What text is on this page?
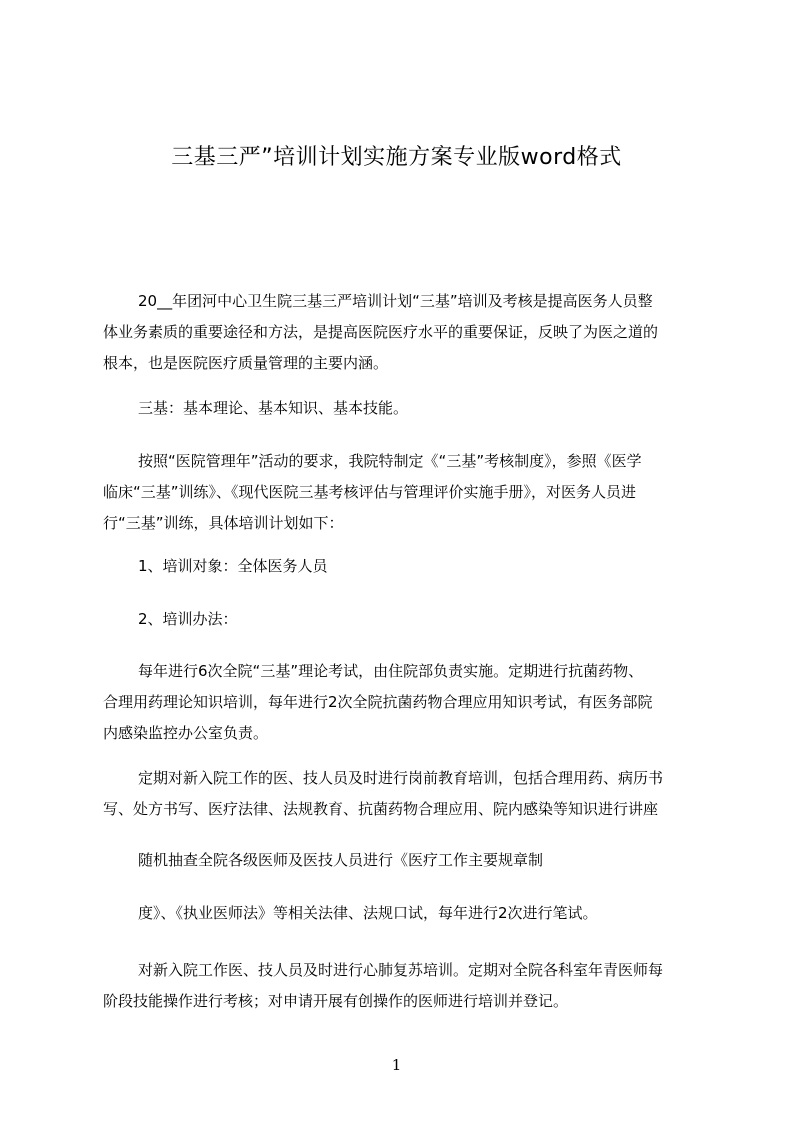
三基三严”培训计划实施方案专业版word格式
20__年团河中心卫生院三基三严培训计划“三基”培训及考核是提高医务人员整
体业务素质的重要途径和方法，是提高医院医疗水平的重要保证，反映了为医之道的
根本，也是医院医疗质量管理的主要内涵。
三基：基本理论、基本知识、基本技能。
按照“医院管理年”活动的要求，我院特制定《“三基”考核制度》，参照《医学
临床“三基”训练》、《现代医院三基考核评估与管理评价实施手册》，对医务人员进
行“三基”训练，具体培训计划如下：
1、培训对象：全体医务人员
2、培训办法：
每年进行6次全院“三基”理论考试，由住院部负责实施。定期进行抗菌药物、
合理用药理论知识培训，每年进行2次全院抗菌药物合理应用知识考试，有医务部院
内感染监控办公室负责。
定期对新入院工作的医、技人员及时进行岗前教育培训，包括合理用药、病历书
写、处方书写、医疗法律、法规教育、抗菌药物合理应用、院内感染等知识进行讲座
随机抽查全院各级医师及医技人员进行《医疗工作主要规章制
度》、《执业医师法》等相关法律、法规口试，每年进行2次进行笔试。
对新入院工作医、技人员及时进行心肺复苏培训。定期对全院各科室年青医师每
阶段技能操作进行考核；对申请开展有创操作的医师进行培训并登记。
1
